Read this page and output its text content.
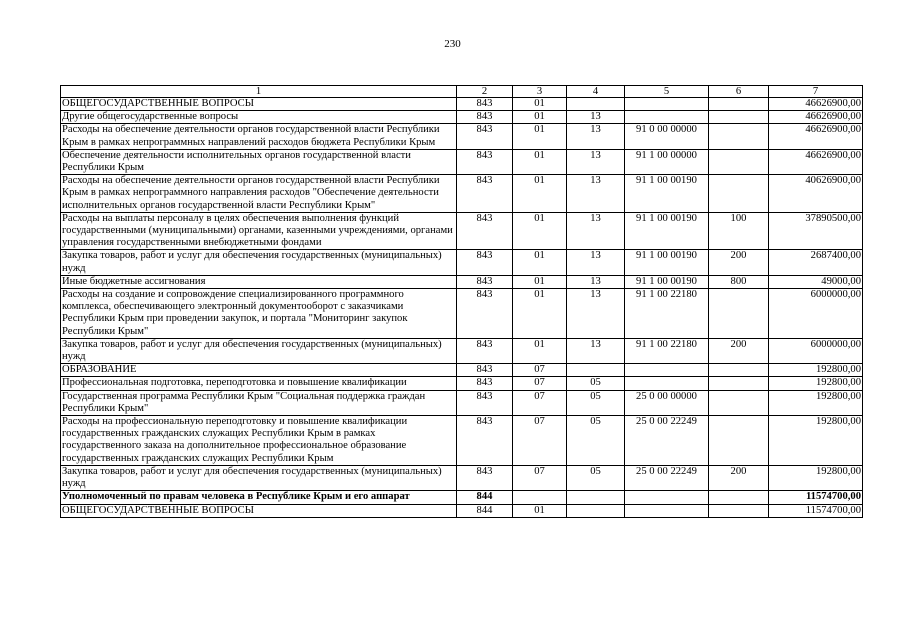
230
1	2	3	4	5	6	7
ОБЩЕГОСУДАРСТВЕННЫЕ ВОПРОСЫ	843	01				46626900,00
Другие общегосударственные вопросы	843	01	13			46626900,00
Расходы на обеспечение деятельности органов государственной власти Республики Крым в рамках непрограммных направлений расходов бюджета Республики Крым	843	01	13	91 0 00 00000		46626900,00
Обеспечение деятельности исполнительных органов государственной власти Республики Крым	843	01	13	91 1 00 00000		46626900,00
Расходы на обеспечение деятельности органов государственной власти Республики Крым в рамках непрограммного направления расходов "Обеспечение деятельности исполнительных органов государственной власти Республики Крым"	843	01	13	91 1 00 00190		40626900,00
Расходы на выплаты персоналу в целях обеспечения выполнения функций государственными (муниципальными) органами, казенными учреждениями, органами управления государственными внебюджетными фондами	843	01	13	91 1 00 00190	100	37890500,00
Закупка товаров, работ и услуг для обеспечения государственных (муниципальных) нужд	843	01	13	91 1 00 00190	200	2687400,00
Иные бюджетные ассигнования	843	01	13	91 1 00 00190	800	49000,00
Расходы на создание и сопровождение специализированного программного комплекса, обеспечивающего электронный документооборот с заказчиками Республики Крым при проведении закупок, и портала "Мониторинг закупок Республики Крым"	843	01	13	91 1 00 22180		6000000,00
Закупка товаров, работ и услуг для обеспечения государственных (муниципальных) нужд	843	01	13	91 1 00 22180	200	6000000,00
ОБРАЗОВАНИЕ	843	07				192800,00
Профессиональная подготовка, переподготовка и повышение квалификации	843	07	05			192800,00
Государственная программа Республики Крым "Социальная поддержка граждан Республики Крым"	843	07	05	25 0 00 00000		192800,00
Расходы на профессиональную переподготовку и повышение квалификации государственных гражданских служащих Республики Крым в рамках государственного заказа на дополнительное профессиональное образование государственных гражданских служащих Республики Крым	843	07	05	25 0 00 22249		192800,00
Закупка товаров, работ и услуг для обеспечения государственных (муниципальных) нужд	843	07	05	25 0 00 22249	200	192800,00
Уполномоченный по правам человека в Республике Крым и его аппарат	844					11574700,00
ОБЩЕГОСУДАРСТВЕННЫЕ ВОПРОСЫ	844	01				11574700,00
